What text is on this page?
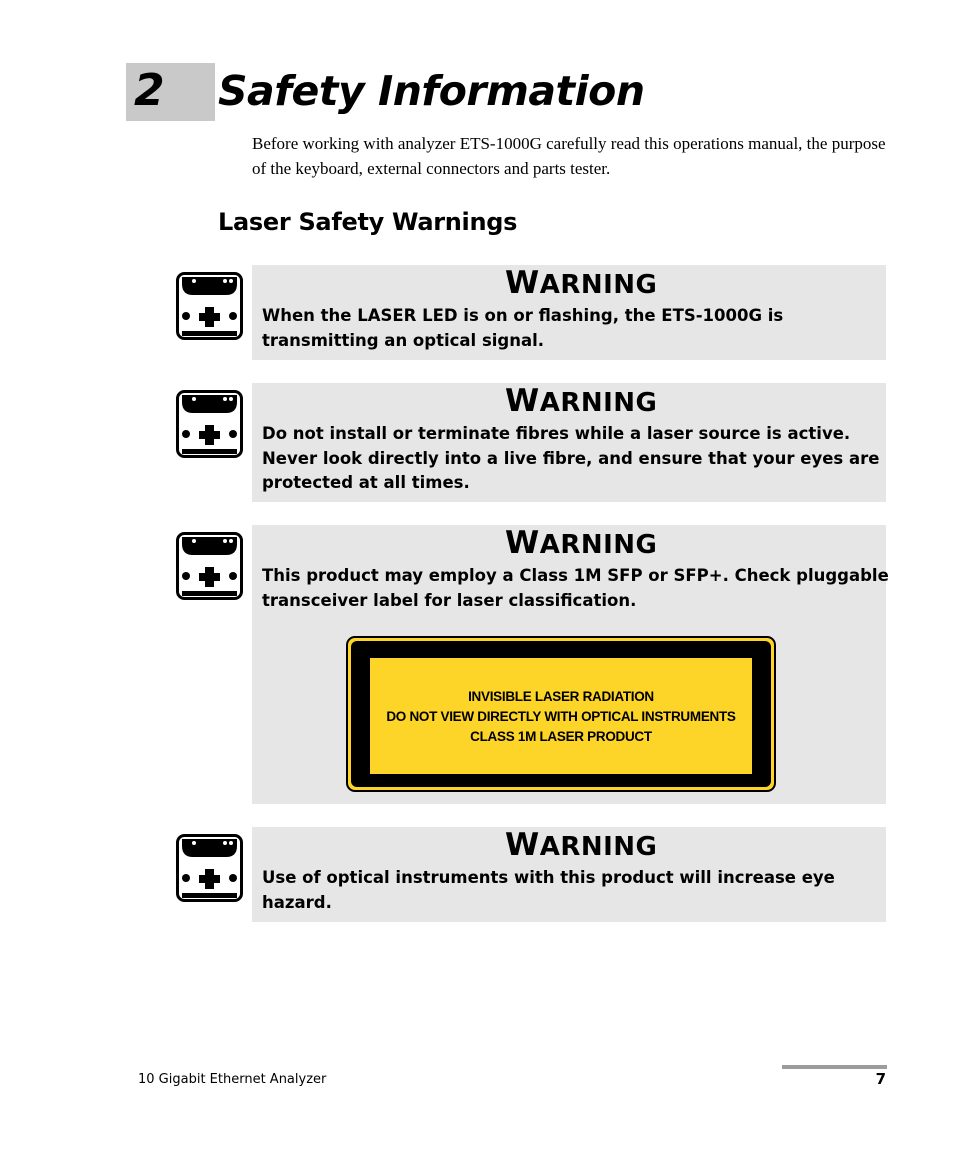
2 Safety Information

Before working with analyzer ETS-1000G carefully read this operations manual, the purpose of the keyboard, external connectors and parts tester.

Laser Safety Warnings
WARNING
When the LASER LED is on or flashing, the ETS-1000G is
transmitting an optical signal.
WARNING
Do not install or terminate fibres while a laser source is active.
Never look directly into a live fibre, and ensure that your eyes are
protected at all times.
WARNING
This product may employ a Class 1M SFP or SFP+. Check pluggable
transceiver label for laser classification.
INVISIBLE LASER RADIATION
DO NOT VIEW DIRECTLY WITH OPTICAL INSTRUMENTS
CLASS 1M LASER PRODUCT
WARNING
Use of optical instruments with this product will increase eye
hazard.
10 Gigabit Ethernet Analyzer	7
